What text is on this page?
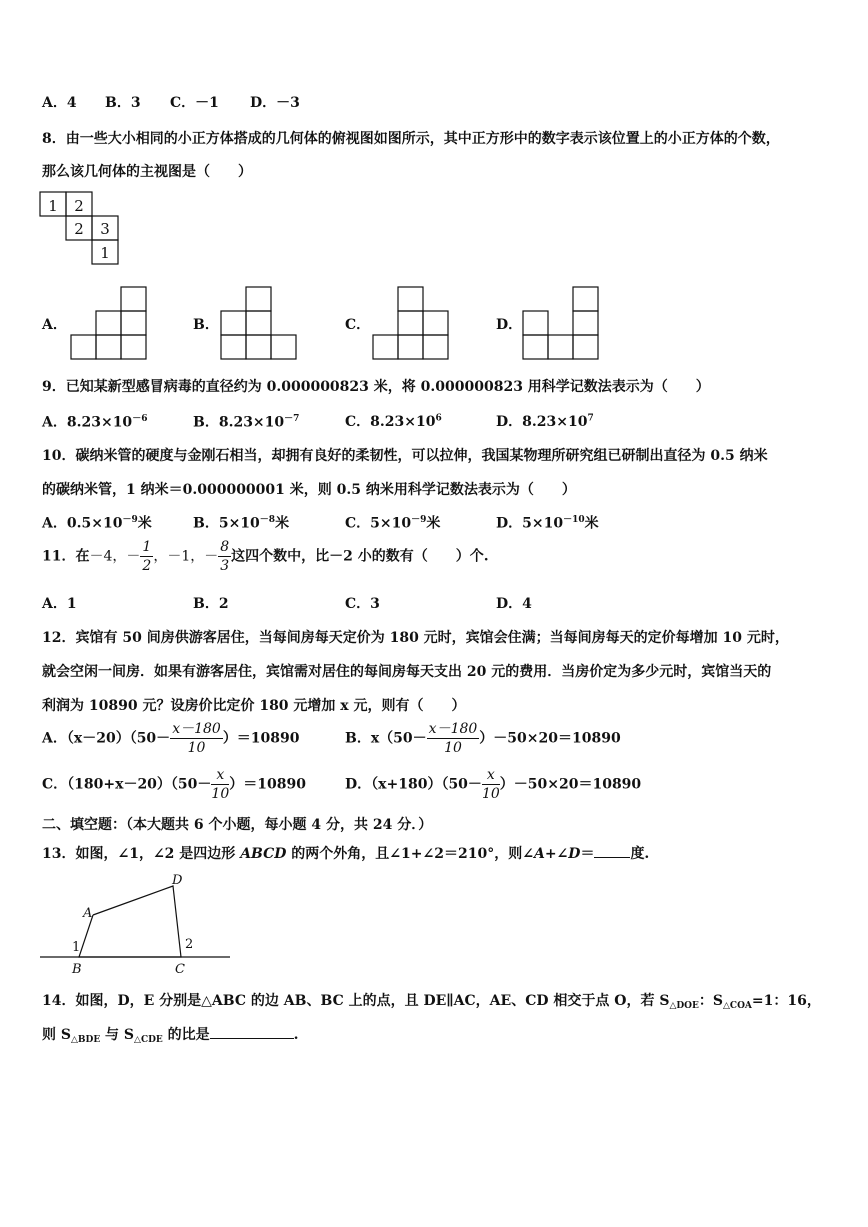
A．4 B．3 C．－1 D．－3
8．由一些大小相同的小正方体搭成的几何体的俯视图如图所示，其中正方形中的数字表示该位置上的小正方体的个数，
那么该几何体的主视图是（　　）
1 2
2 3
1
A．	B．	C．	D．
9．已知某新型感冒病毒的直径约为 0.000000823 米，将 0.000000823 用科学记数法表示为（　　）
A．$8.23\times 10^{-6}$	B．$8.23\times 10^{-7}$	C．$8.23\times 10^6$	D．$8.23\times 10^7$
10．碳纳米管的硬度与金刚石相当，却拥有良好的柔韧性，可以拉伸，我国某物理所研究组已研制出直径为 0.5 纳米
的碳纳米管，1 纳米＝0.000000001 米，则 0.5 纳米用科学记数法表示为（　　）
A．$0.5\times 10^{-9}$米	B．$5\times 10^{-8}$米	C．$5\times 10^{-9}$米	D．$5\times 10^{-10}$米
11．在－4，－ $\frac{1}{2}$ ，－1，－ $\frac{8}{3}$ 这四个数中，比－2 小的数有（　　）个.
A．1	B．2	C．3	D．4
12．宾馆有 50 间房供游客居住，当每间房每天定价为 180 元时，宾馆会住满；当每间房每天的定价每增加 10 元时，
就会空闲一间房．如果有游客居住，宾馆需对居住的每间房每天支出 20 元的费用．当房价定为多少元时，宾馆当天的
利润为 10890 元？设房价比定价 180 元增加 x 元，则有（　　）
A．$(x-20)(50- \frac{x-180}{10} )=10890$	B．$x(50- \frac{x-180}{10} )-50\times 20=10890$
C．$(180+x-20)(50- \frac{x}{10} )=10890$	D．$(x+180)(50- \frac{x}{10} )-50\times 20=10890$
二、填空题：（本大题共 6 个小题，每小题 4 分，共 24 分．）
13．如图，∠1，∠2 是四边形 ABCD 的两个外角，且∠1+∠2＝210°，则∠A+∠D＝	度.
A
D
B	C
1	2
14．如图，D，E 分别是△ABC 的边 AB、BC 上的点，且 DE∥AC，AE、CD 相交于点 O，若 $S_{\triangle DOE}$：$S_{\triangle COA}=1$：16，
则 $S_{\triangle BDE}$ 与 $S_{\triangle CDE}$ 的比是	.
